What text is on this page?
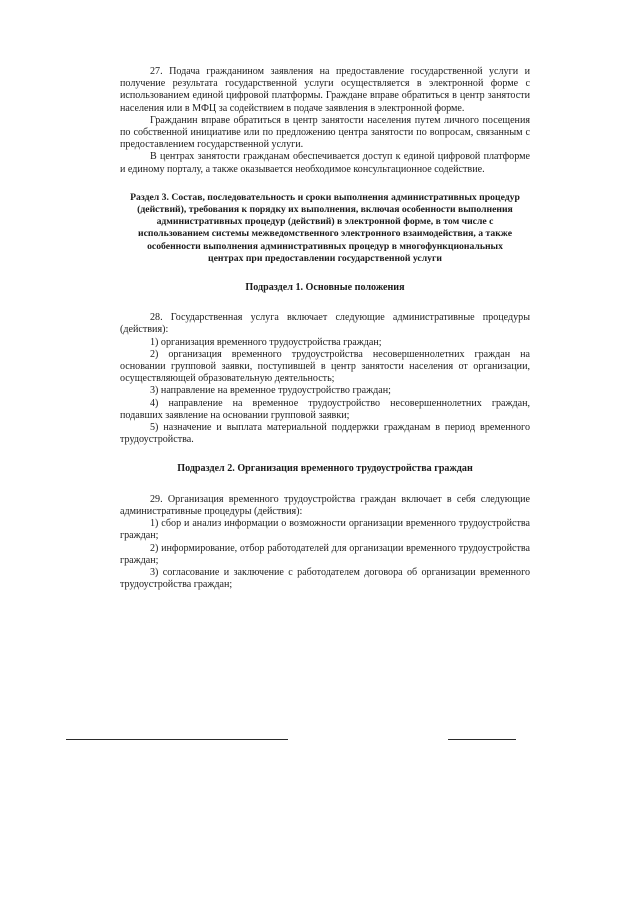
27. Подача гражданином заявления на предоставление государственной услуги и получение результата государственной услуги осуществляется в электронной форме с использованием единой цифровой платформы. Граждане вправе обратиться в центр занятости населения или в МФЦ за содействием в подаче заявления в электронной форме.

Гражданин вправе обратиться в центр занятости населения путем личного посещения по собственной инициативе или по предложению центра занятости по вопросам, связанным с предоставлением государственной услуги.

В центрах занятости гражданам обеспечивается доступ к единой цифровой платформе и единому порталу, а также оказывается необходимое консультационное содействие.

Раздел 3. Состав, последовательность и сроки выполнения административных процедур (действий), требования к порядку их выполнения, включая особенности выполнения административных процедур (действий) в электронной форме, в том числе с использованием системы межведомственного электронного взаимодействия, а также особенности выполнения административных процедур в многофункциональных центрах при предоставлении государственной услуги
Подраздел 1. Основные положения

28. Государственная услуга включает следующие административные процедуры (действия):

1) организация временного трудоустройства граждан;

2) организация временного трудоустройства несовершеннолетних граждан на основании групповой заявки, поступившей в центр занятости населения от организации, осуществляющей образовательную деятельность;

3) направление на временное трудоустройство граждан;

4) направление на временное трудоустройство несовершеннолетних граждан, подавших заявление на основании групповой заявки;

5) назначение и выплата материальной поддержки гражданам в период временного трудоустройства.

Подраздел 2. Организация временного трудоустройства граждан

29. Организация временного трудоустройства граждан включает в себя следующие административные процедуры (действия):

1) сбор и анализ информации о возможности организации временного трудоустройства граждан;

2) информирование, отбор работодателей для организации временного трудоустройства граждан;

3) согласование и заключение с работодателем договора об организации временного трудоустройства граждан;
